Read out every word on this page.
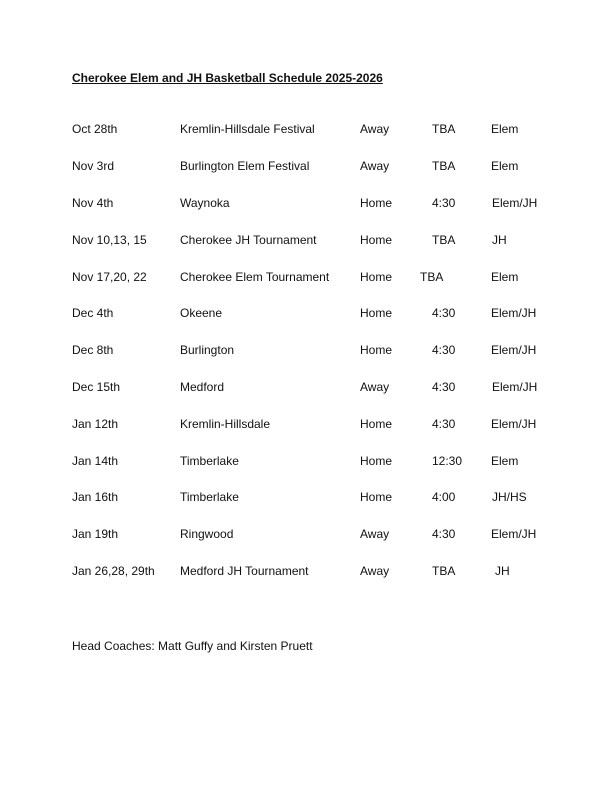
Cherokee Elem and JH Basketball Schedule 2025-2026
Oct 28th	Kremlin-Hillsdale Festival	Away	TBA	Elem
Nov 3rd	Burlington Elem Festival	Away	TBA	Elem
Nov 4th	Waynoka	Home	4:30	Elem/JH
Nov 10,13, 15	Cherokee JH Tournament	Home	TBA	JH
Nov 17,20, 22	Cherokee Elem Tournament	Home TBA	Elem
Dec 4th	Okeene	Home	4:30	Elem/JH
Dec 8th	Burlington	Home	4:30	Elem/JH
Dec 15th	Medford	Away	4:30	Elem/JH
Jan 12th	Kremlin-Hillsdale	Home	4:30	Elem/JH
Jan 14th	Timberlake	Home	12:30 Elem
Jan 16th	Timberlake	Home	4:00	JH/HS
Jan 19th	Ringwood	Away	4:30	Elem/JH
Jan 26,28, 29th Medford JH Tournament	Away	TBA	JH
Head Coaches: Matt Guffy and Kirsten Pruett
